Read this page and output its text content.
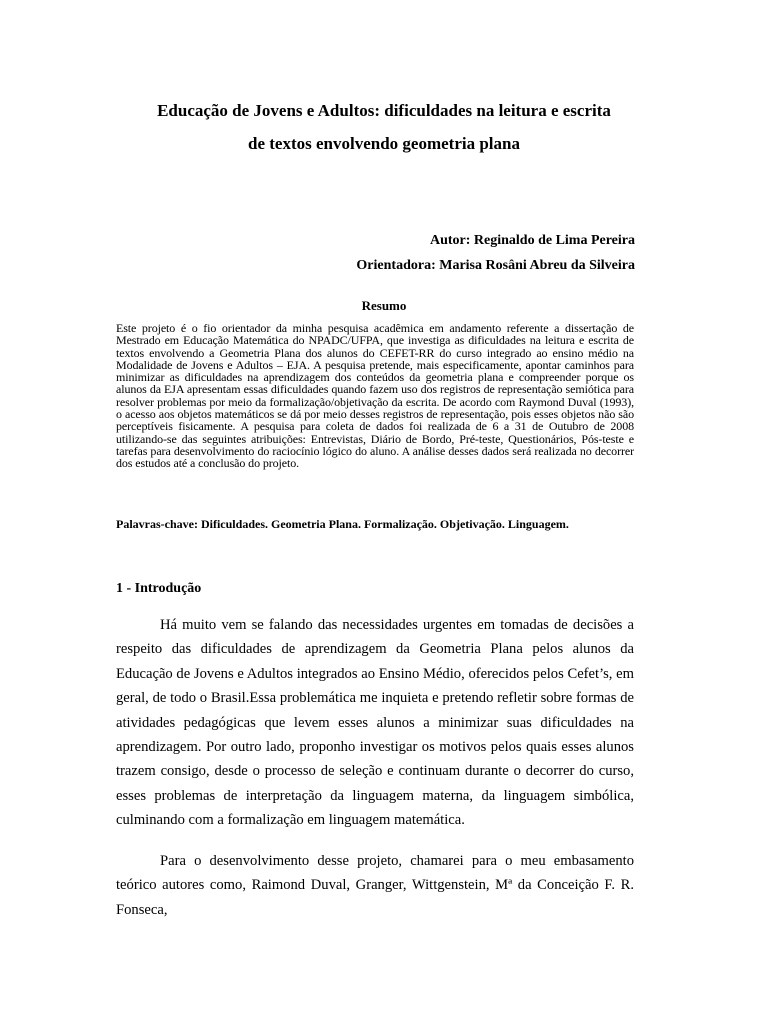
Educação de Jovens e Adultos: dificuldades na leitura e escrita
de textos envolvendo geometria plana
Autor: Reginaldo de Lima Pereira
Orientadora: Marisa Rosâni Abreu da Silveira
Resumo
Este projeto é o fio orientador da minha pesquisa acadêmica em andamento referente a dissertação de Mestrado em Educação Matemática do NPADC/UFPA, que investiga as dificuldades na leitura e escrita de textos envolvendo a Geometria Plana dos alunos do CEFET-RR do curso integrado ao ensino médio na Modalidade de Jovens e Adultos – EJA. A pesquisa pretende, mais especificamente, apontar caminhos para minimizar as dificuldades na aprendizagem dos conteúdos da geometria plana e compreender porque os alunos da EJA apresentam essas dificuldades quando fazem uso dos registros de representação semiótica para resolver problemas por meio da formalização/objetivação da escrita. De acordo com Raymond Duval (1993), o acesso aos objetos matemáticos se dá por meio desses registros de representação, pois esses objetos não são perceptíveis fisicamente. A pesquisa para coleta de dados foi realizada de 6 a 31 de Outubro de 2008 utilizando-se das seguintes atribuições: Entrevistas, Diário de Bordo, Pré-teste, Questionários, Pós-teste e tarefas para desenvolvimento do raciocínio lógico do aluno. A análise desses dados será realizada no decorrer dos estudos até a conclusão do projeto.
Palavras-chave: Dificuldades. Geometria Plana. Formalização. Objetivação. Linguagem.
1 - Introdução
Há muito vem se falando das necessidades urgentes em tomadas de decisões a respeito das dificuldades de aprendizagem da Geometria Plana pelos alunos da Educação de Jovens e Adultos integrados ao Ensino Médio, oferecidos pelos Cefet’s, em geral, de todo o Brasil.Essa problemática me inquieta e pretendo refletir sobre formas de atividades pedagógicas que levem esses alunos a minimizar suas dificuldades na aprendizagem. Por outro lado, proponho investigar os motivos pelos quais esses alunos trazem consigo, desde o processo de seleção e continuam durante o decorrer do curso, esses problemas de interpretação da linguagem materna, da linguagem simbólica, culminando com a formalização em linguagem matemática.
Para o desenvolvimento desse projeto, chamarei para o meu embasamento teórico autores como, Raimond Duval, Granger, Wittgenstein, Mª da Conceição F. R. Fonseca,
